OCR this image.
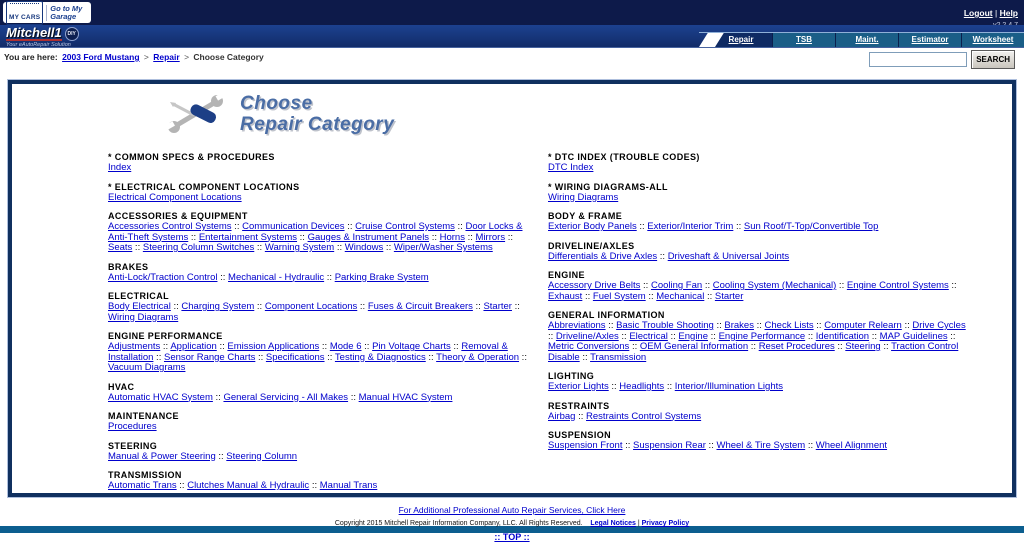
MY CARS
Go to My Garage	Logout | Help
Mitchell1	DIY
Your eAutoRepair Solution
Repair	TSB	Maint.	Estimator	Worksheet
You are here: 2003 Ford Mustang > Repair > Choose Category	SEARCH
Choose
Repair Category
* COMMON SPECS & PROCEDURES
Index
* ELECTRICAL COMPONENT LOCATIONS
Electrical Component Locations
ACCESSORIES & EQUIPMENT
Accessories Control Systems :: Communication Devices :: Cruise Control Systems :: Door Locks & Anti-Theft Systems :: Entertainment Systems :: Gauges & Instrument Panels :: Horns :: Mirrors :: Seats :: Steering Column Switches :: Warning System :: Windows :: Wiper/Washer Systems
BRAKES
Anti-Lock/Traction Control :: Mechanical - Hydraulic :: Parking Brake System
ELECTRICAL
Body Electrical :: Charging System :: Component Locations :: Fuses & Circuit Breakers :: Starter :: Wiring Diagrams
ENGINE PERFORMANCE
Adjustments :: Application :: Emission Applications :: Mode 6 :: Pin Voltage Charts :: Removal & Installation :: Sensor Range Charts :: Specifications :: Testing & Diagnostics :: Theory & Operation :: Vacuum Diagrams
HVAC
Automatic HVAC System :: General Servicing - All Makes :: Manual HVAC System
MAINTENANCE
Procedures
STEERING
Manual & Power Steering :: Steering Column
TRANSMISSION
Automatic Trans :: Clutches Manual & Hydraulic :: Manual Trans
* DTC INDEX (TROUBLE CODES)
DTC Index
* WIRING DIAGRAMS-ALL
Wiring Diagrams
BODY & FRAME
Exterior Body Panels :: Exterior/Interior Trim :: Sun Roof/T-Top/Convertible Top
DRIVELINE/AXLES
Differentials & Drive Axles :: Driveshaft & Universal Joints
ENGINE
Accessory Drive Belts :: Cooling Fan :: Cooling System (Mechanical) :: Engine Control Systems :: Exhaust :: Fuel System :: Mechanical :: Starter
GENERAL INFORMATION
Abbreviations :: Basic Trouble Shooting :: Brakes :: Check Lists :: Computer Relearn :: Drive Cycles :: Driveline/Axles :: Electrical :: Engine :: Engine Performance :: Identification :: MAP Guidelines :: Metric Conversions :: OEM General Information :: Reset Procedures :: Steering :: Traction Control Disable :: Transmission
LIGHTING
Exterior Lights :: Headlights :: Interior/Illumination Lights
RESTRAINTS
Airbag :: Restraints Control Systems
SUSPENSION
Suspension Front :: Suspension Rear :: Wheel & Tire System :: Wheel Alignment
For Additional Professional Auto Repair Services, Click Here
Copyright 2015 Mitchell Repair Information Company, LLC. All Rights Reserved. Legal Notices | Privacy Policy
:: TOP ::
